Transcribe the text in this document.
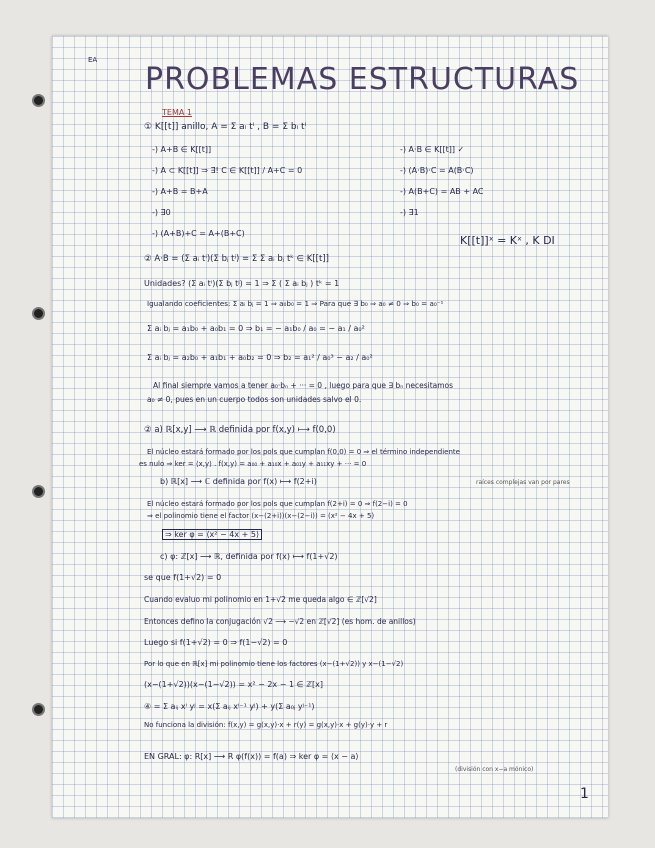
EA
PROBLEMAS ESTRUCTURAS
TEMA 1
① K[[t]] anillo, A = Σ aᵢ tⁱ , B = Σ bᵢ tⁱ
-) A+B ∈ K[[t]]	-) A·B ∈ K[[t]] ✓
-) A ⊂ K[[t]] ⇒ ∃! C ∈ K[[t]] / A+C = 0	-) (A·B)·C = A(B·C)
-) A+B = B+A	-) A(B+C) = AB + AC
-) ∃0	-) ∃1
-) (A+B)+C = A+(B+C)
K[[t]]ˣ = Kˣ , K DI
② A·B = (Σ aᵢ tⁱ)(Σ bⱼ tʲ) = Σ Σ aᵢ bⱼ tᵏ ∈ K[[t]]
Unidades? (Σ aᵢ tⁱ)(Σ bⱼ tʲ) = 1 ⇒ Σ ( Σ aᵢ bⱼ ) tᵏ = 1
Igualando coeficientes: Σ aᵢ bⱼ = 1 ⇒ a₀b₀ = 1 ⇒ Para que ∃ b₀ ⇒ a₀ ≠ 0 ⇒ b₀ = a₀⁻¹
Σ aᵢ bⱼ = a₁b₀ + a₀b₁ = 0 ⇒ b₁ = − a₁b₀ / a₀ = − a₁ / a₀²
Σ aᵢ bⱼ = a₂b₀ + a₁b₁ + a₀b₂ = 0 ⇒ b₂ = a₁² / a₀³ − a₂ / a₀²
Al final siempre vamos a tener a₀·bₙ + ··· = 0 , luego para que ∃ bₙ necesitamos
a₀ ≠ 0, pues en un cuerpo todos son unidades salvo el 0.
② a) ℝ[x,y] ⟶ ℝ definida por f(x,y) ⟼ f(0,0)
El núcleo estará formado por los pols que cumplan f(0,0) = 0 ⇒ el término independiente
es nulo ⇒ ker = ⟨x,y⟩ . f(x,y) = a₀₀ + a₁₀x + a₀₁y + a₁₁xy + ··· = 0
b) ℝ[x] ⟶ ℂ definida por f(x) ⟼ f(2+i)	raíces complejas van por pares
El núcleo estará formado por los pols que cumplan f(2+i) = 0 ⇒ f(2−i) = 0
⇒ el polinomio tiene el factor (x−(2+i))(x−(2−i)) = (x² − 4x + 5)
⇒ ker φ = ⟨x² − 4x + 5⟩
c) φ: ℤ[x] ⟶ ℝ, definida por f(x) ⟼ f(1+√2)
se que f(1+√2) = 0
Cuando evaluo mi polinomio en 1+√2 me queda algo ∈ ℤ[√2]
Entonces defino la conjugación √2 ⟶ −√2 en ℤ[√2] (es hom. de anillos)
Luego si f(1+√2) = 0 ⇒ f(1−√2) = 0
Por lo que en ℝ[x] mi polinomio tiene los factores (x−(1+√2)) y x−(1−√2)
(x−(1+√2))(x−(1−√2)) = x² − 2x − 1 ∈ ℤ[x]
④ = Σ aᵢⱼ xⁱ yʲ = x(Σ aᵢⱼ xⁱ⁻¹ yʲ) + y(Σ a₀ⱼ yʲ⁻¹)
No funciona la división: f(x,y) = g(x,y)·x + r(y) = g(x,y)·x + g(y)·y + r
EN GRAL: φ: R[x] ⟶ R φ(f(x)) = f(a) ⇒ ker φ = ⟨x − a⟩
(división con x−a mónico)
1
